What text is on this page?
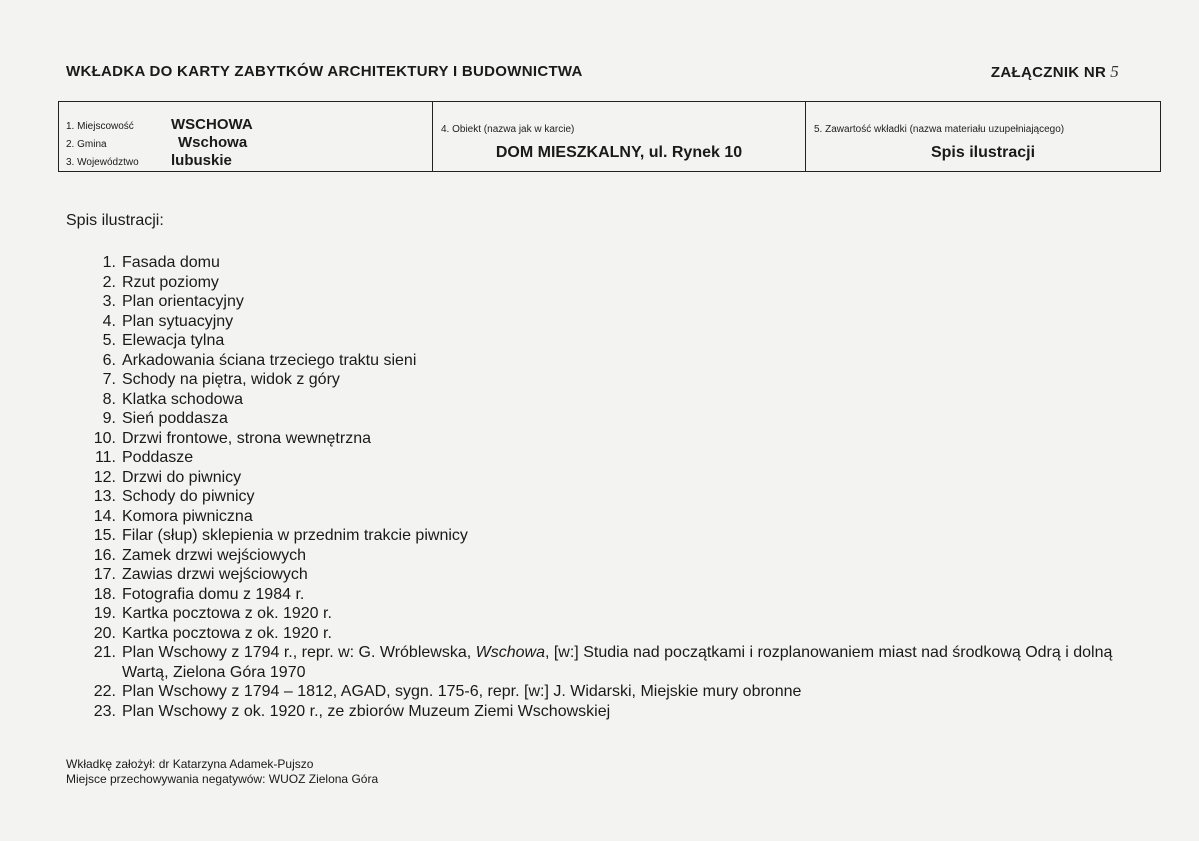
WKŁADKA DO KARTY ZABYTKÓW ARCHITEKTURY I BUDOWNICTWA	ZAŁĄCZNIK NR 5
1. Miejscowość	WSCHOWA
2. Gmina	Wschowa
3. Województwo	lubuskie
4. Obiekt (nazwa jak w karcie)
DOM MIESZKALNY, ul. Rynek 10
5. Zawartość wkładki (nazwa materiału uzupełniającego)
Spis ilustracji
Spis ilustracji:
1. Fasada domu
2. Rzut poziomy
3. Plan orientacyjny
4. Plan sytuacyjny
5. Elewacja tylna
6. Arkadowania ściana trzeciego traktu sieni
7. Schody na piętra, widok z góry
8. Klatka schodowa
9. Sień poddasza
10. Drzwi frontowe, strona wewnętrzna
11. Poddasze
12. Drzwi do piwnicy
13. Schody do piwnicy
14. Komora piwniczna
15. Filar (słup) sklepienia w przednim trakcie piwnicy
16. Zamek drzwi wejściowych
17. Zawias drzwi wejściowych
18. Fotografia domu z 1984 r.
19. Kartka pocztowa z ok. 1920 r.
20. Kartka pocztowa z ok. 1920 r.
21. Plan Wschowy z 1794 r., repr. w: G. Wróblewska, Wschowa, [w:] Studia nad początkami i rozplanowaniem miast nad środkową Odrą i dolną Wartą, Zielona Góra 1970
22. Plan Wschowy z 1794 – 1812, AGAD, sygn. 175-6, repr. [w:] J. Widarski, Miejskie mury obronne
23. Plan Wschowy z ok. 1920 r., ze zbiorów Muzeum Ziemi Wschowskiej
Wkładkę założył: dr Katarzyna Adamek-Pujszo
Miejsce przechowywania negatywów: WUOZ Zielona Góra
